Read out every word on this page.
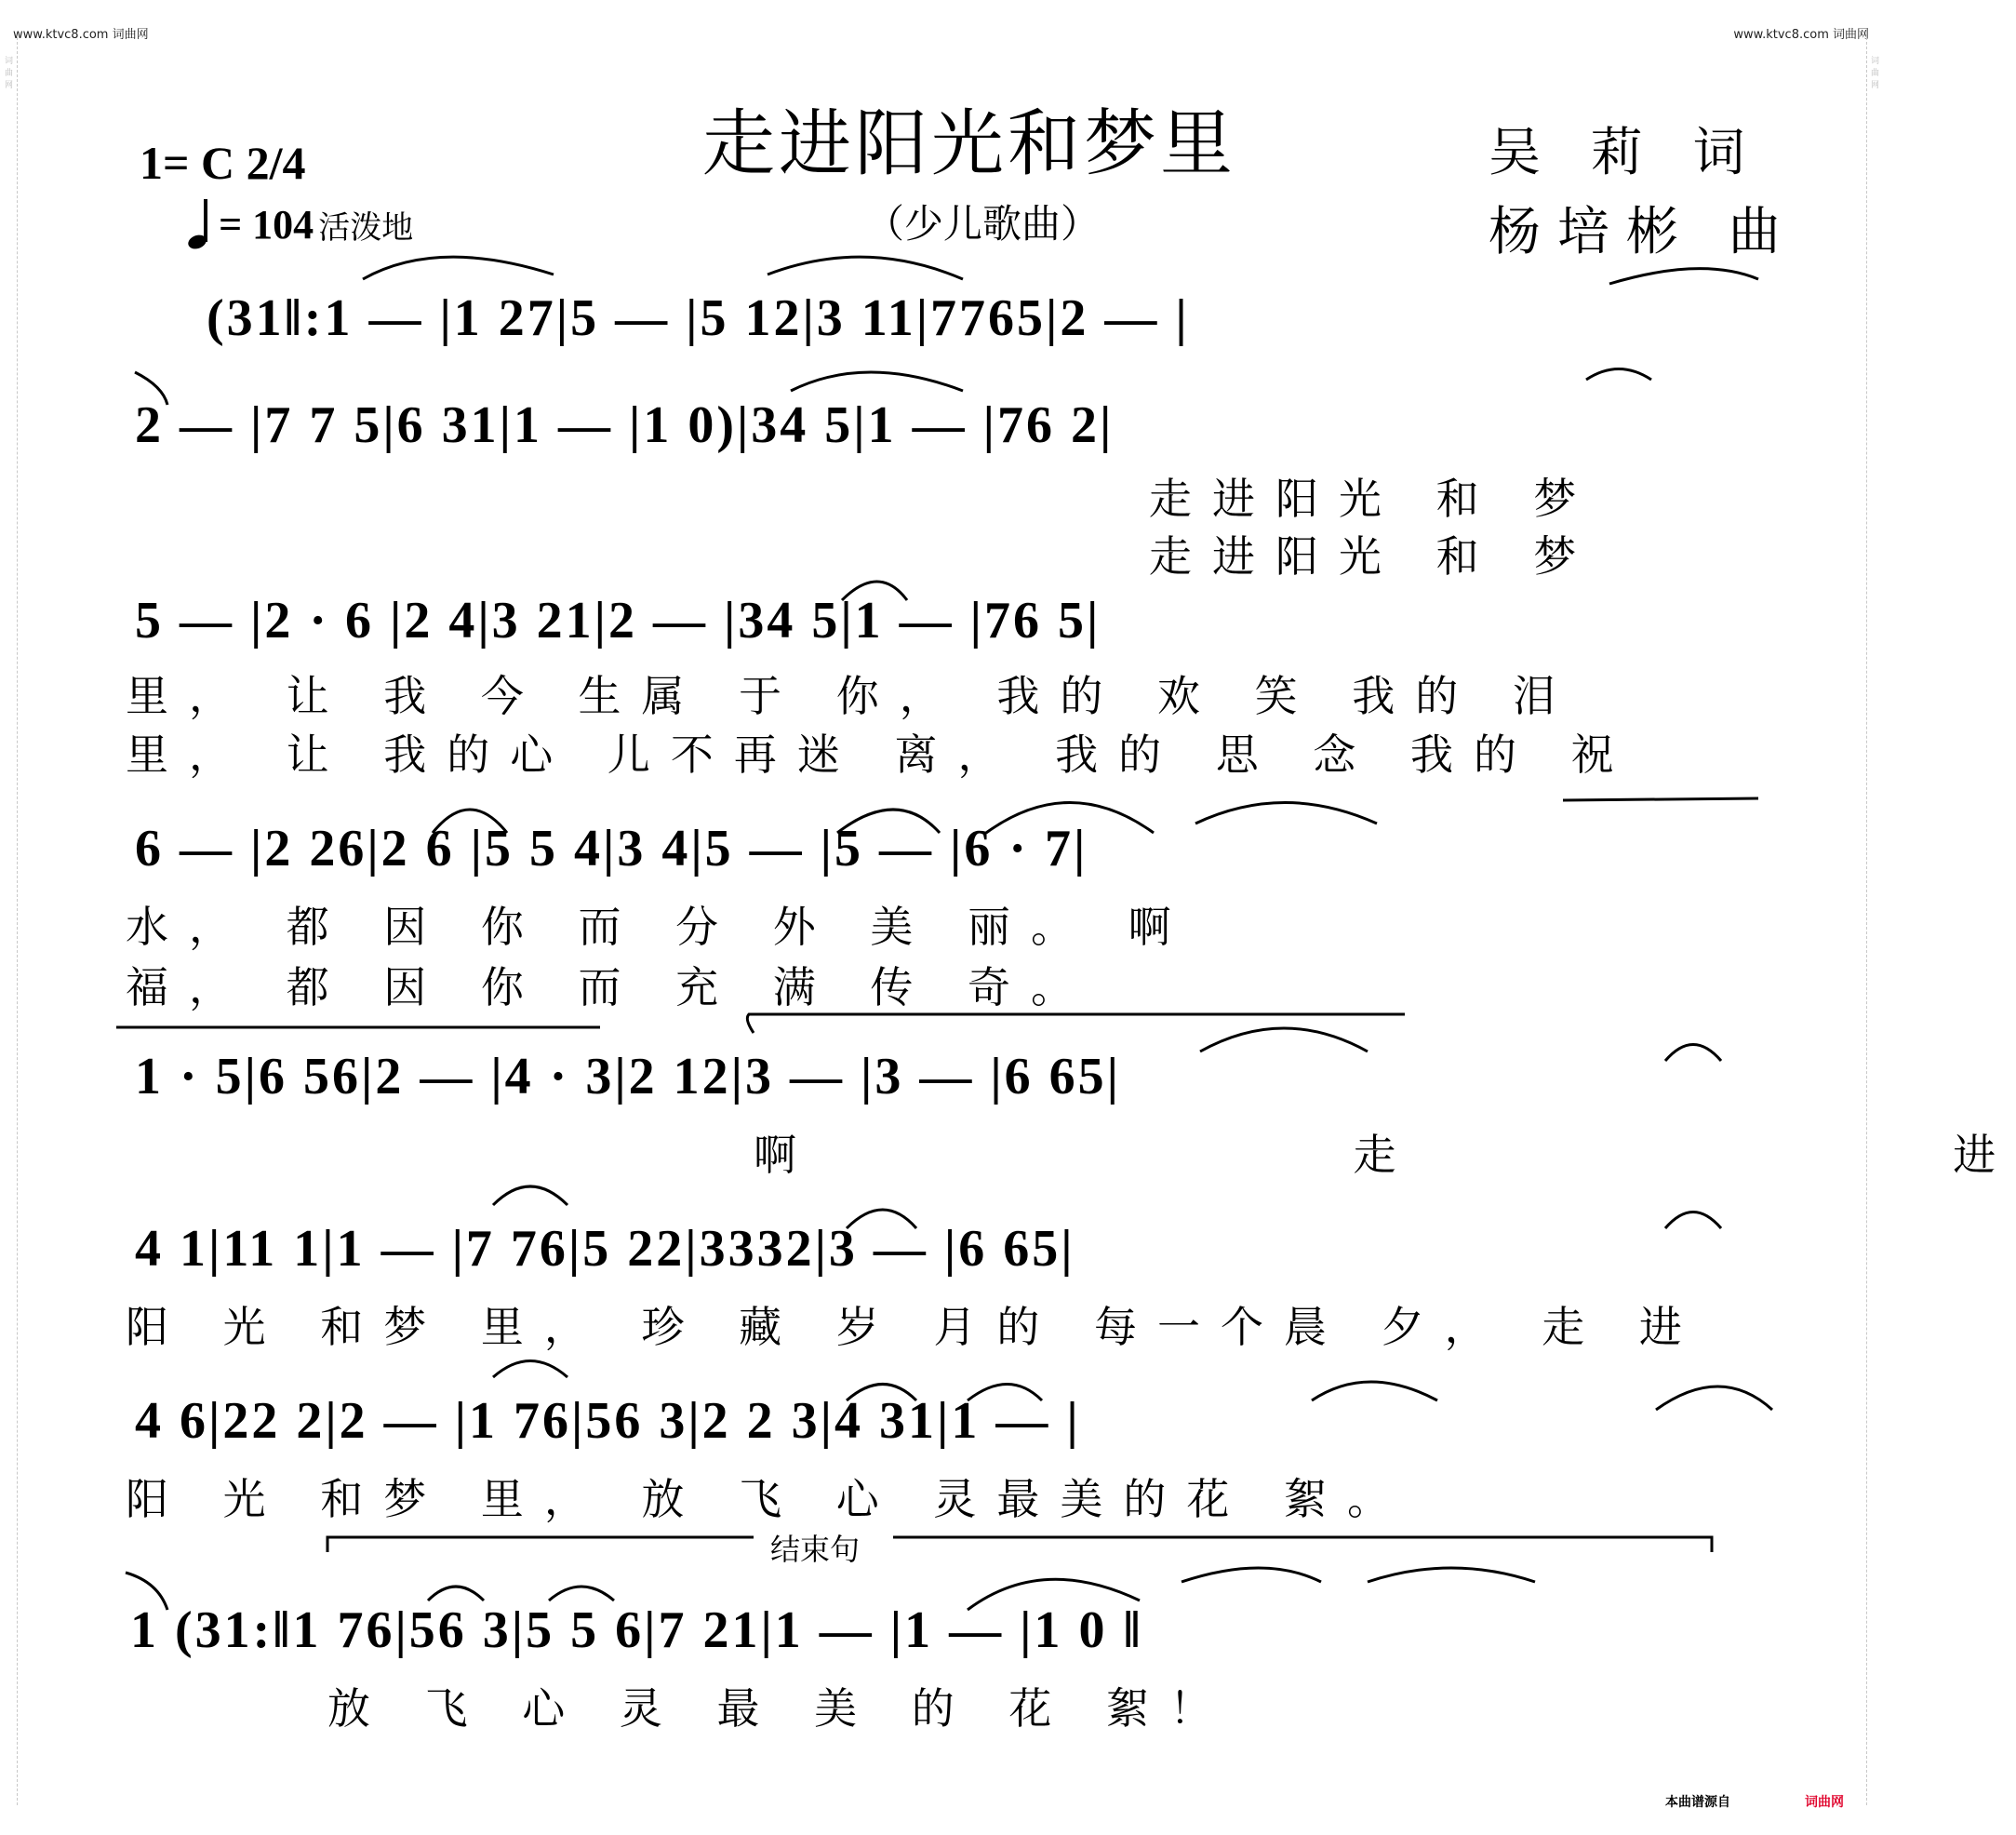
www.ktvc8.com 词曲网	www.ktvc8.com 词曲网
词曲网	词曲网
走进阳光和梦里
（少儿歌曲）
吴 莉 词
杨培彬 曲
1= C 2/4
= 104 活泼地
(31‖:1 — |1 27|5 — |5 12|3 11|7765|2 — |
2 — |7 7 5|6 31|1 — |1 0)|34 5|1 — |76 2|
走进阳光 和 梦
走进阳光 和 梦
5 — |2 · 6 |2 4|3 21|2 — |34 5|1 — |76 5|
里， 让 我 今 生属 于 你， 我的 欢 笑 我的 泪
里， 让 我的心 儿不再迷 离， 我的 思 念 我的 祝
6 — |2 26|2 6 |5 5 4|3 4|5 — |5 — |6 · 7|
水， 都 因 你 而 分 外 美 丽。 啊
福， 都 因 你 而 充 满 传 奇。
1 · 5|6 56|2 — |4 · 3|2 12|3 — |3 — |6 65|
啊 走 进
4 1|11 1|1 — |7 76|5 22|3332|3 — |6 65|
阳 光 和梦 里， 珍 藏 岁 月的 每一个晨 夕， 走 进
4 6|22 2|2 — |1 76|56 3|2 2 3|4 31|1 — |
阳 光 和梦 里， 放 飞 心 灵最美的花 絮。
结束句
1 (31:‖1 76|56 3|5 5 6|7 21|1 — |1 — |1 0 ‖
放 飞 心 灵 最 美 的 花 絮！
本曲谱源自	词曲网
